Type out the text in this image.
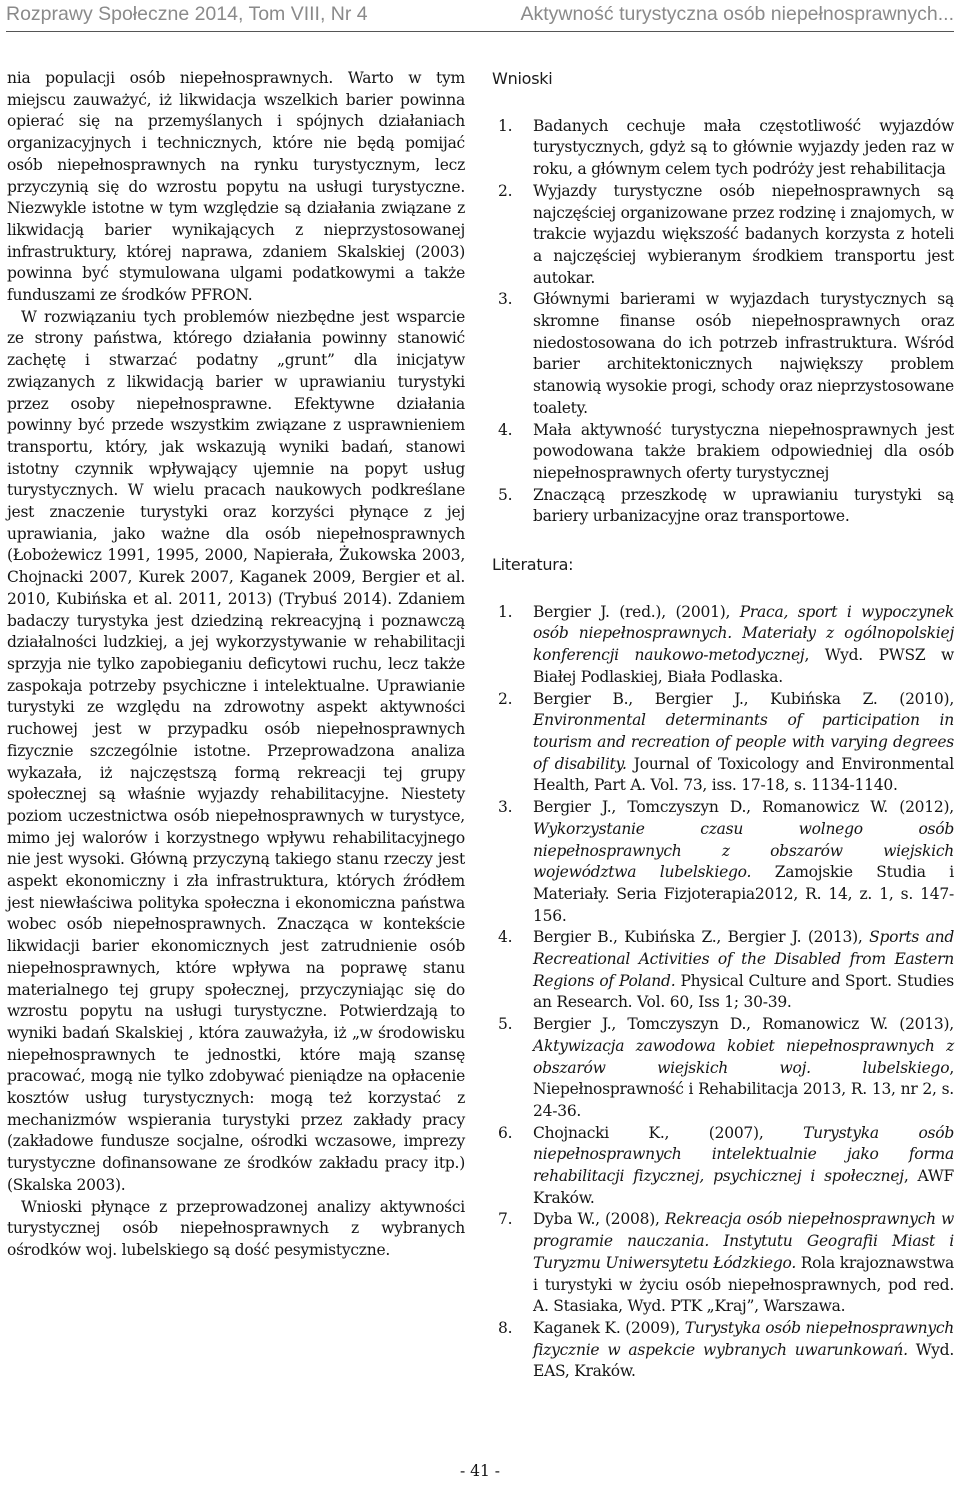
Rozprawy Społeczne 2014, Tom VIII, Nr 4	Aktywność turystyczna osób niepełnosprawnych...

nia populacji osób niepełnosprawnych. Warto w tym miejscu zauważyć, iż likwidacja wszelkich barier powinna opierać się na przemyślanych i spójnych działaniach organizacyjnych i technicznych, które nie będą pomijać osób niepełnosprawnych na rynku turystycznym, lecz przyczynią się do wzrostu popytu na usługi turystyczne. Niezwykle istotne w tym względzie są działania związane z likwidacją barier wynikających z nieprzystosowanej infrastruktury, której naprawa, zdaniem Skalskiej (2003) powinna być stymulowana ulgami podatkowymi a także funduszami ze środków PFRON.

W rozwiązaniu tych problemów niezbędne jest wsparcie ze strony państwa, którego działania powinny stanowić zachętę i stwarzać podatny „grunt” dla inicjatyw związanych z likwidacją barier w uprawianiu turystyki przez osoby niepełnosprawne. Efektywne działania powinny być przede wszystkim związane z usprawnieniem transportu, który, jak wskazują wyniki badań, stanowi istotny czynnik wpływający ujemnie na popyt usług turystycznych. W wielu pracach naukowych podkreślane jest znaczenie turystyki oraz korzyści płynące z jej uprawiania, jako ważne dla osób niepełnosprawnych (Łobożewicz 1991, 1995, 2000, Napierała, Żukowska 2003, Chojnacki 2007, Kurek 2007, Kaganek 2009, Bergier et al. 2010, Kubińska et al. 2011, 2013) (Trybuś 2014). Zdaniem badaczy turystyka jest dziedziną rekreacyjną i poznawczą działalności ludzkiej, a jej wykorzystywanie w rehabilitacji sprzyja nie tylko zapobieganiu deficytowi ruchu, lecz także zaspokaja potrzeby psychiczne i intelektualne. Uprawianie turystyki ze względu na zdrowotny aspekt aktywności ruchowej jest w przypadku osób niepełnosprawnych fizycznie szczególnie istotne. Przeprowadzona analiza wykazała, iż najczęstszą formą rekreacji tej grupy społecznej są właśnie wyjazdy rehabilitacyjne. Niestety poziom uczestnictwa osób niepełnosprawnych w turystyce, mimo jej walorów i korzystnego wpływu rehabilitacyjnego nie jest wysoki. Główną przyczyną takiego stanu rzeczy jest aspekt ekonomiczny i zła infrastruktura, których źródłem jest niewłaściwa polityka społeczna i ekonomiczna państwa wobec osób niepełnosprawnych. Znacząca w kontekście likwidacji barier ekonomicznych jest zatrudnienie osób niepełnosprawnych, które wpływa na poprawę stanu materialnego tej grupy społecznej, przyczyniając się do wzrostu popytu na usługi turystyczne. Potwierdzają to wyniki badań Skalskiej , która zauważyła, iż „w środowisku niepełnosprawnych te jednostki, które mają szansę pracować, mogą nie tylko zdobywać pieniądze na opłacenie kosztów usług turystycznych: mogą też korzystać z mechanizmów wspierania turystyki przez zakłady pracy (zakładowe fundusze socjalne, ośrodki wczasowe, imprezy turystyczne dofinansowane ze środków zakładu pracy itp.) (Skalska 2003).

Wnioski płynące z przeprowadzonej analizy aktywności turystycznej osób niepełnosprawnych z wybranych ośrodków woj. lubelskiego są dość pesymistyczne.

Wnioski
1. Badanych cechuje mała częstotliwość wyjazdów turystycznych, gdyż są to głównie wyjazdy jeden raz w roku, a głównym celem tych podróży jest rehabilitacja
2. Wyjazdy turystyczne osób niepełnosprawnych są najczęściej organizowane przez rodzinę i znajomych, w trakcie wyjazdu większość badanych korzysta z hoteli a najczęściej wybieranym środkiem transportu jest autokar.
3. Głównymi barierami w wyjazdach turystycznych są skromne finanse osób niepełnosprawnych oraz niedostosowana do ich potrzeb infrastruktura. Wśród barier architektonicznych największy problem stanowią wysokie progi, schody oraz nieprzystosowane toalety.
4. Mała aktywność turystyczna niepełnosprawnych jest powodowana także brakiem odpowiedniej dla osób niepełnosprawnych oferty turystycznej
5. Znaczącą przeszkodę w uprawianiu turystyki są bariery urbanizacyjne oraz transportowe.
Literatura:
1. Bergier J. (red.), (2001), Praca, sport i wypoczynek osób niepełnosprawnych. Materiały z ogólnopolskiej konferencji naukowo-metodycznej, Wyd. PWSZ w Białej Podlaskiej, Biała Podlaska.
2. Bergier B., Bergier J., Kubińska Z. (2010), Environmental determinants of participation in tourism and recreation of people with varying degrees of disability. Journal of Toxicology and Environmental Health, Part A. Vol. 73, iss. 17-18, s. 1134-1140.
3. Bergier J., Tomczyszyn D., Romanowicz W. (2012), Wykorzystanie czasu wolnego osób niepełnosprawnych z obszarów wiejskich województwa lubelskiego. Zamojskie Studia i Materiały. Seria Fizjoterapia2012, R. 14, z. 1, s. 147-156.
4. Bergier B., Kubińska Z., Bergier J. (2013), Sports and Recreational Activities of the Disabled from Eastern Regions of Poland. Physical Culture and Sport. Studies an Research. Vol. 60, Iss 1; 30-39.
5. Bergier J., Tomczyszyn D., Romanowicz W. (2013), Aktywizacja zawodowa kobiet niepełnosprawnych z obszarów wiejskich woj. lubelskiego, Niepełnosprawność i Rehabilitacja 2013, R. 13, nr 2, s. 24-36.
6. Chojnacki K., (2007), Turystyka osób niepełnosprawnych intelektualnie jako forma rehabilitacji fizycznej, psychicznej i społecznej, AWF Kraków.
7. Dyba W., (2008), Rekreacja osób niepełnosprawnych w programie nauczania. Instytutu Geografii Miast i Turyzmu Uniwersytetu Łódzkiego. Rola krajoznawstwa i turystyki w życiu osób niepełnosprawnych, pod red. A. Stasiaka, Wyd. PTK „Kraj”, Warszawa.
8. Kaganek K. (2009), Turystyka osób niepełnosprawnych fizycznie w aspekcie wybranych uwarunkowań. Wyd. EAS, Kraków.
- 41 -
